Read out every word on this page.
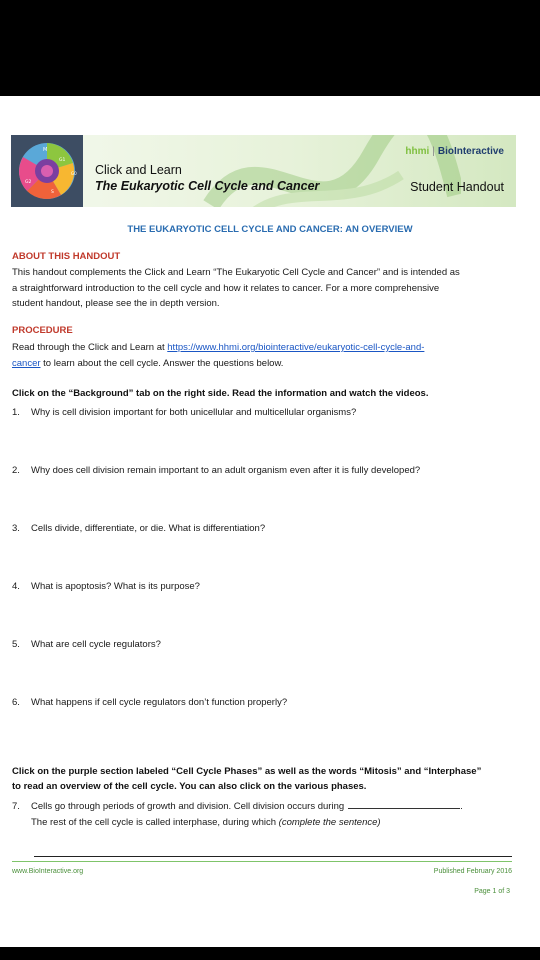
M
G1
G2
S
G0 Click and Learn
The Eukaryotic Cell Cycle and Cancer
hhmi | BioInteractive
Student Handout
THE EUKARYOTIC CELL CYCLE AND CANCER: AN OVERVIEW
ABOUT THIS HANDOUT
This handout complements the Click and Learn “The Eukaryotic Cell Cycle and Cancer” and is intended as
a straightforward introduction to the cell cycle and how it relates to cancer. For a more comprehensive
student handout, please see the in depth version.
PROCEDURE
Read through the Click and Learn at https://www.hhmi.org/biointeractive/eukaryotic-cell-cycle-and-
cancer to learn about the cell cycle. Answer the questions below.
Click on the “Background” tab on the right side. Read the information and watch the videos.
1. Why is cell division important for both unicellular and multicellular organisms?
2. Why does cell division remain important to an adult organism even after it is fully developed?
3. Cells divide, differentiate, or die. What is differentiation?
4. What is apoptosis? What is its purpose?
5. What are cell cycle regulators?
6. What happens if cell cycle regulators don’t function properly?
Click on the purple section labeled “Cell Cycle Phases” as well as the words “Mitosis” and “Interphase”
to read an overview of the cell cycle. You can also click on the various phases.
7. Cells go through periods of growth and division. Cell division occurs during	.
The rest of the cell cycle is called interphase, during which (complete the sentence)
www.BioInteractive.org	Published February 2016
Page 1 of 3
